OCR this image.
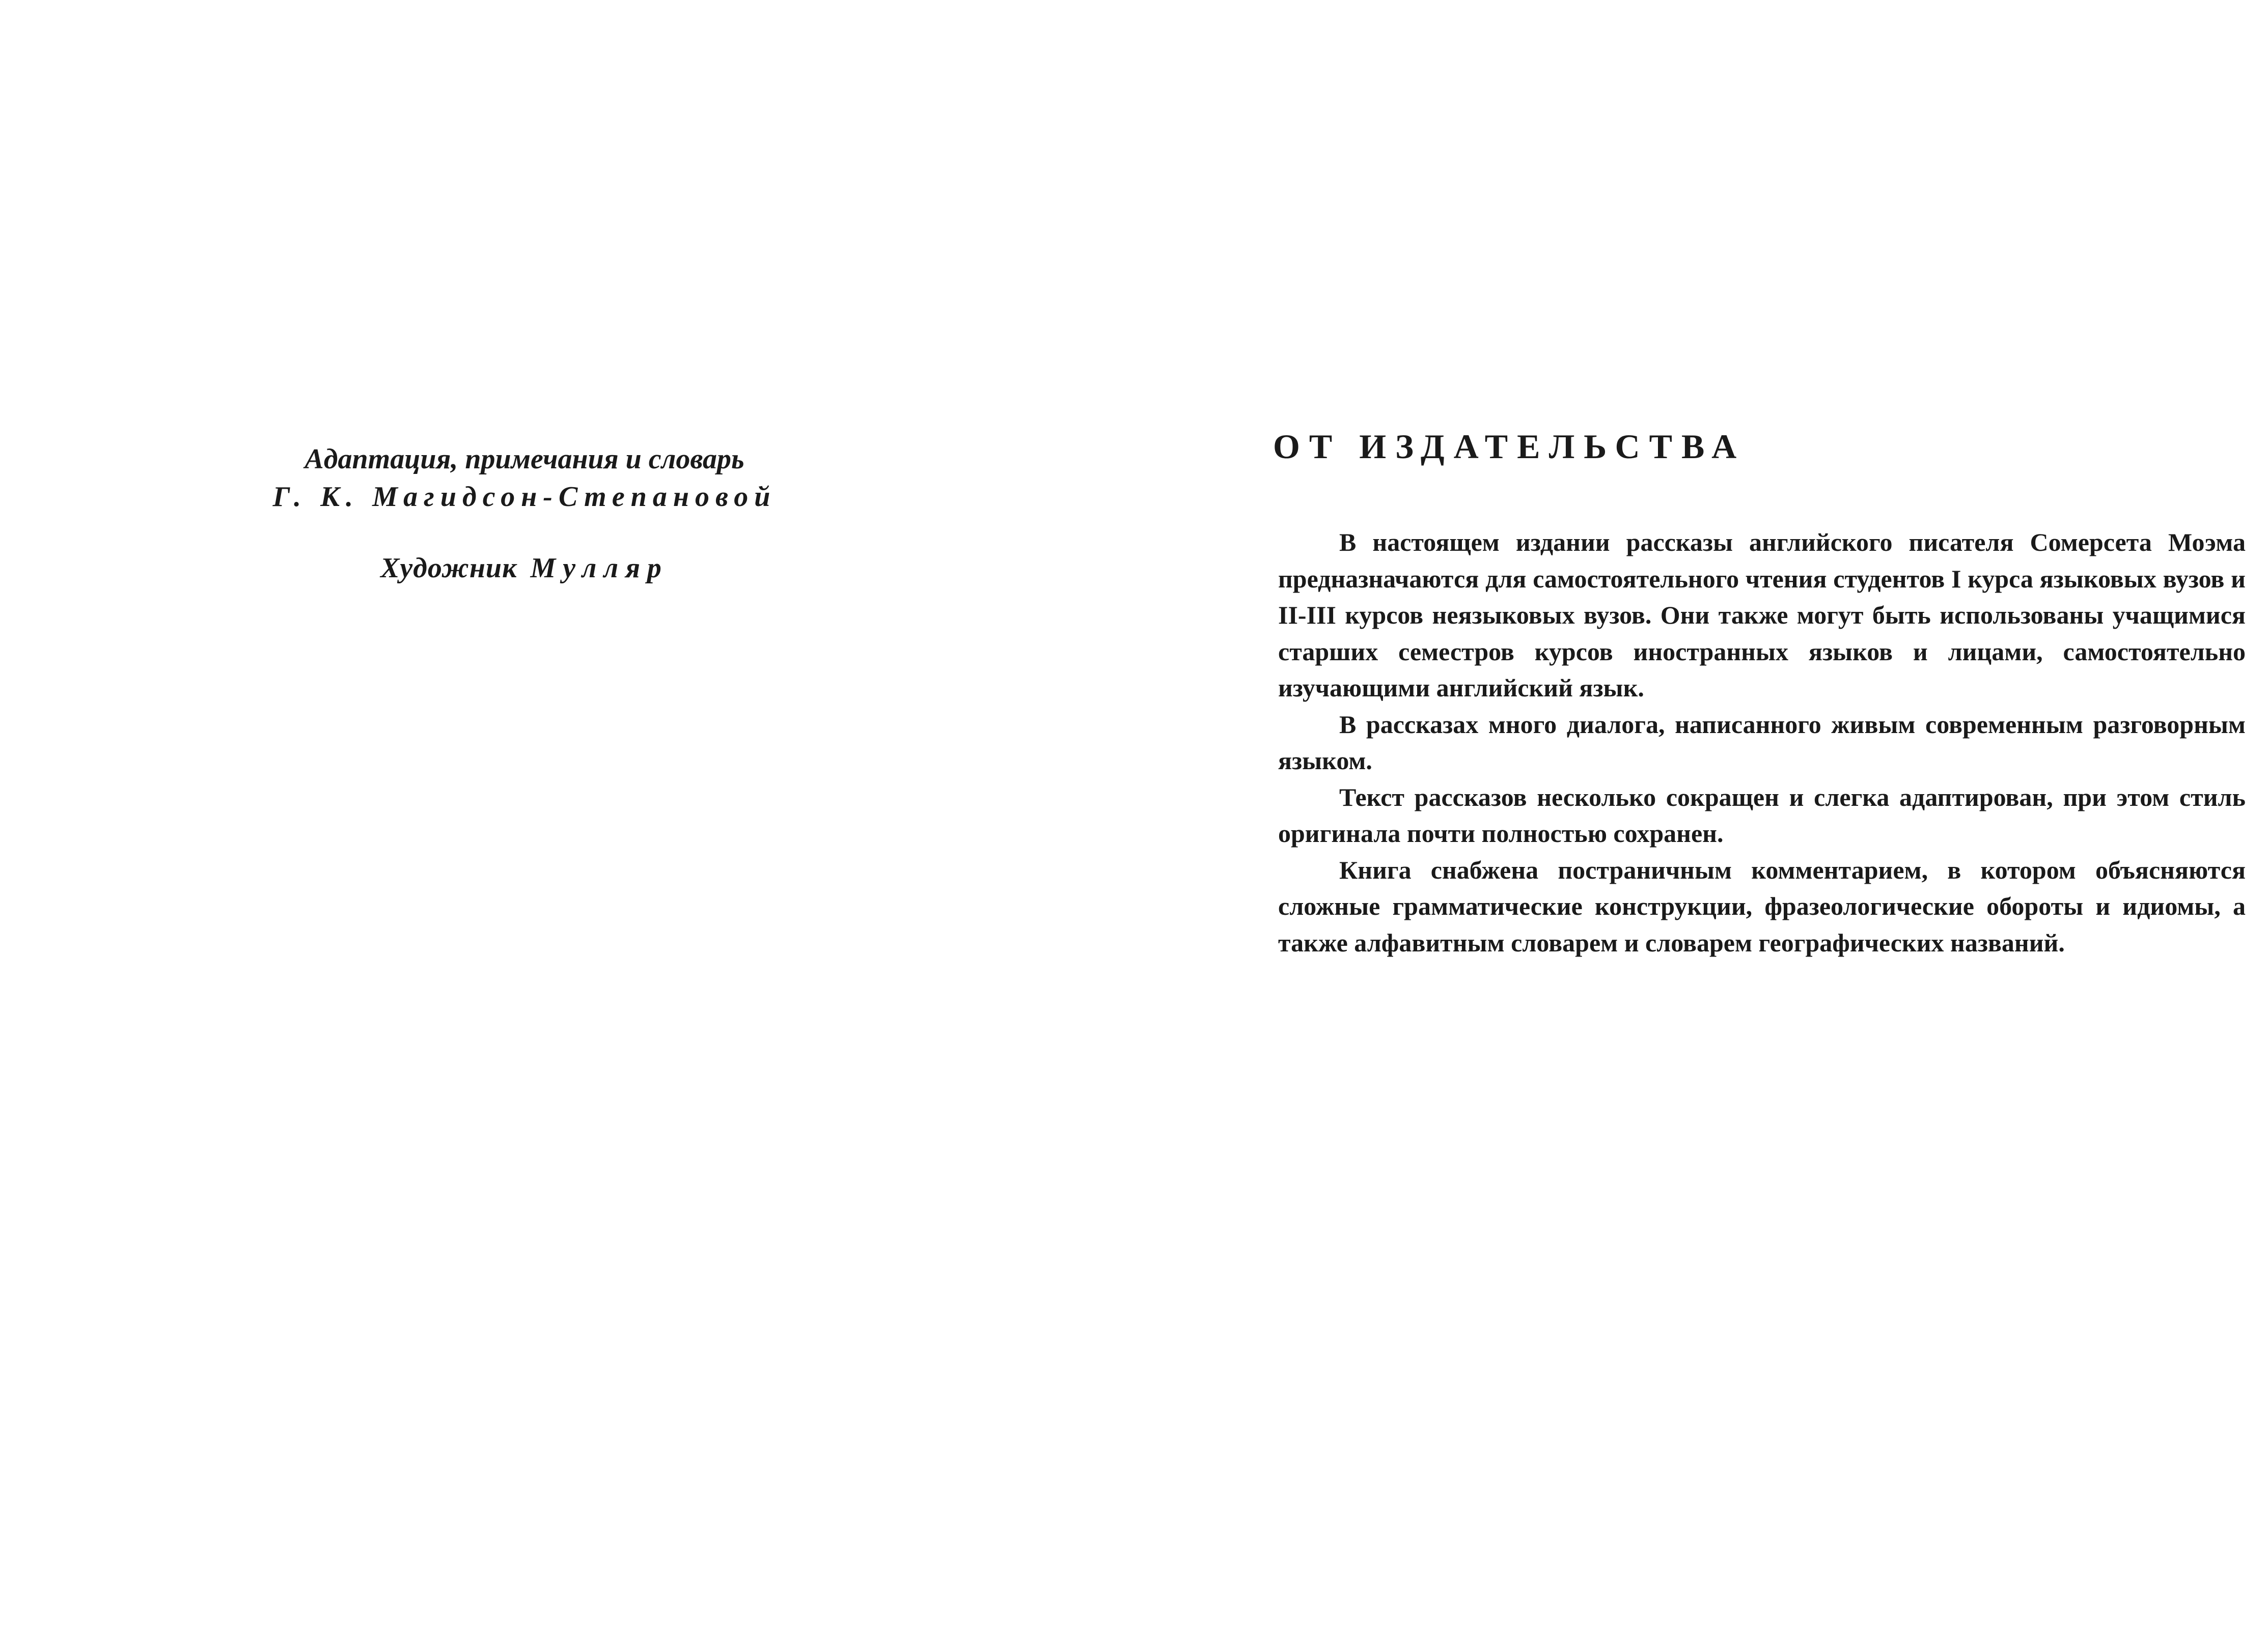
Адаптация, примечания и словарь
Г. К. Магидсон-Степановой
Художник Мулляр
ОТ ИЗДАТЕЛЬСТВА

В настоящем издании рассказы английского писателя Сомерсета Моэма предназначаются для самостоятельного чтения студентов I курса языковых вузов и II-III курсов неязыковых вузов. Они также могут быть использованы учащимися старших семестров курсов иностранных языков и лицами, самостоятельно изучающими английский язык.

В рассказах много диалога, написанного живым современным разговорным языком.

Текст рассказов несколько сокращен и слегка адаптирован, при этом стиль оригинала почти полностью сохранен.

Книга снабжена постраничным комментарием, в котором объясняются сложные грамматические конструкции, фразеологические обороты и идиомы, а также алфавитным словарем и словарем географических названий.
